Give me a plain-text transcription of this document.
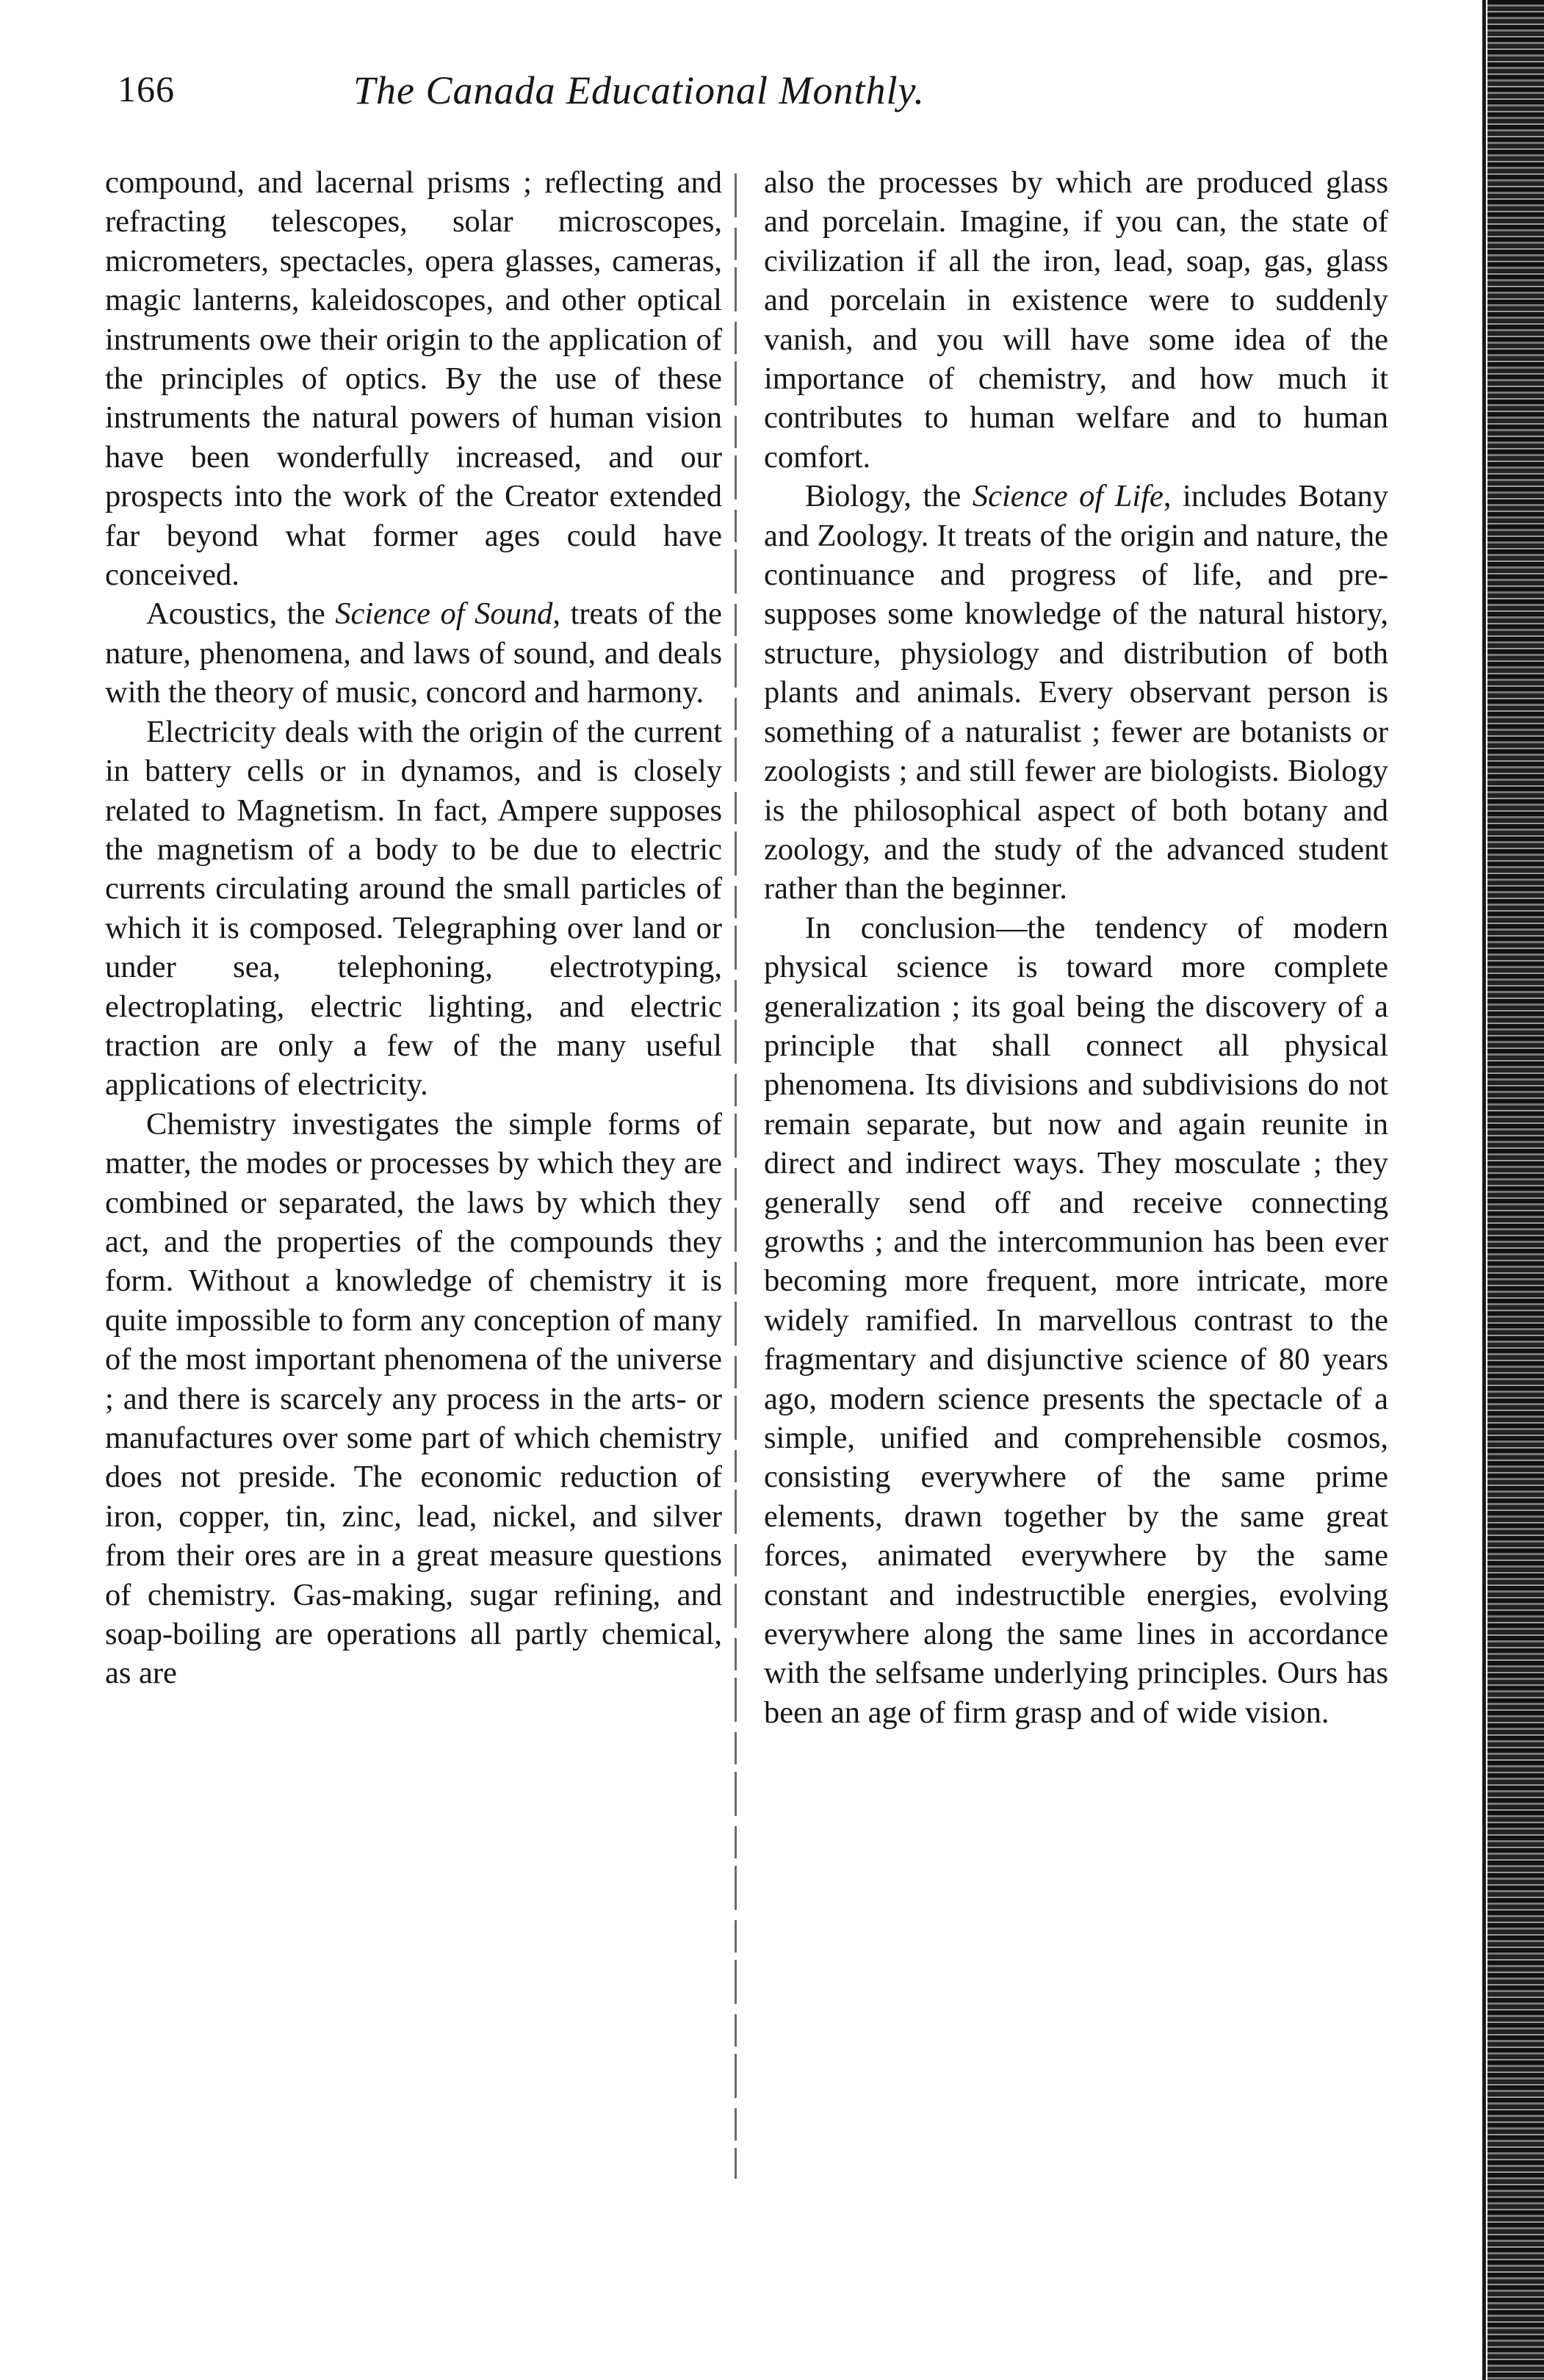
166	The Canada Educational Monthly.

compound, and lacernal prisms ; reflecting and refracting telescopes, solar microscopes, micrometers, spectacles, opera glasses, cameras, magic lanterns, kaleidoscopes, and other optical instruments owe their origin to the application of the principles of optics. By the use of these instruments the natural powers of human vision have been wonderfully increased, and our prospects into the work of the Creator extended far beyond what former ages could have conceived.

Acoustics, the Science of Sound, treats of the nature, phenomena, and laws of sound, and deals with the theory of music, concord and harmony.

Electricity deals with the origin of the current in battery cells or in dynamos, and is closely related to Magnetism. In fact, Ampere supposes the magnetism of a body to be due to electric currents circulating around the small particles of which it is composed. Telegraphing over land or under sea, telephoning, electrotyping, electroplating, electric lighting, and electric traction are only a few of the many useful applications of electricity.

Chemistry investigates the simple forms of matter, the modes or processes by which they are combined or separated, the laws by which they act, and the properties of the compounds they form. Without a knowledge of chemistry it is quite impossible to form any conception of many of the most important phenomena of the universe ; and there is scarcely any process in the arts- or manufactures over some part of which chemistry does not preside. The economic reduction of iron, copper, tin, zinc, lead, nickel, and silver from their ores are in a great measure questions of chemistry. Gas-making, sugar refining, and soap-boiling are operations all partly chemical, as are

also the processes by which are produced glass and porcelain. Imagine, if you can, the state of civilization if all the iron, lead, soap, gas, glass and porcelain in existence were to suddenly vanish, and you will have some idea of the importance of chemistry, and how much it contributes to human welfare and to human comfort.

Biology, the Science of Life, includes Botany and Zoology. It treats of the origin and nature, the continuance and progress of life, and pre-supposes some knowledge of the natural history, structure, physiology and distribution of both plants and animals. Every observant person is something of a naturalist ; fewer are botanists or zoologists ; and still fewer are biologists. Biology is the philosophical aspect of both botany and zoology, and the study of the advanced student rather than the beginner.

In conclusion—the tendency of modern physical science is toward more complete generalization ; its goal being the discovery of a principle that shall connect all physical phenomena. Its divisions and subdivisions do not remain separate, but now and again reunite in direct and indirect ways. They mosculate ; they generally send off and receive connecting growths ; and the intercommunion has been ever becoming more frequent, more intricate, more widely ramified. In marvellous contrast to the fragmentary and disjunctive science of 80 years ago, modern science presents the spectacle of a simple, unified and comprehensible cosmos, consisting everywhere of the same prime elements, drawn together by the same great forces, animated everywhere by the same constant and indestructible energies, evolving everywhere along the same lines in accordance with the selfsame underlying principles. Ours has been an age of firm grasp and of wide vision.
